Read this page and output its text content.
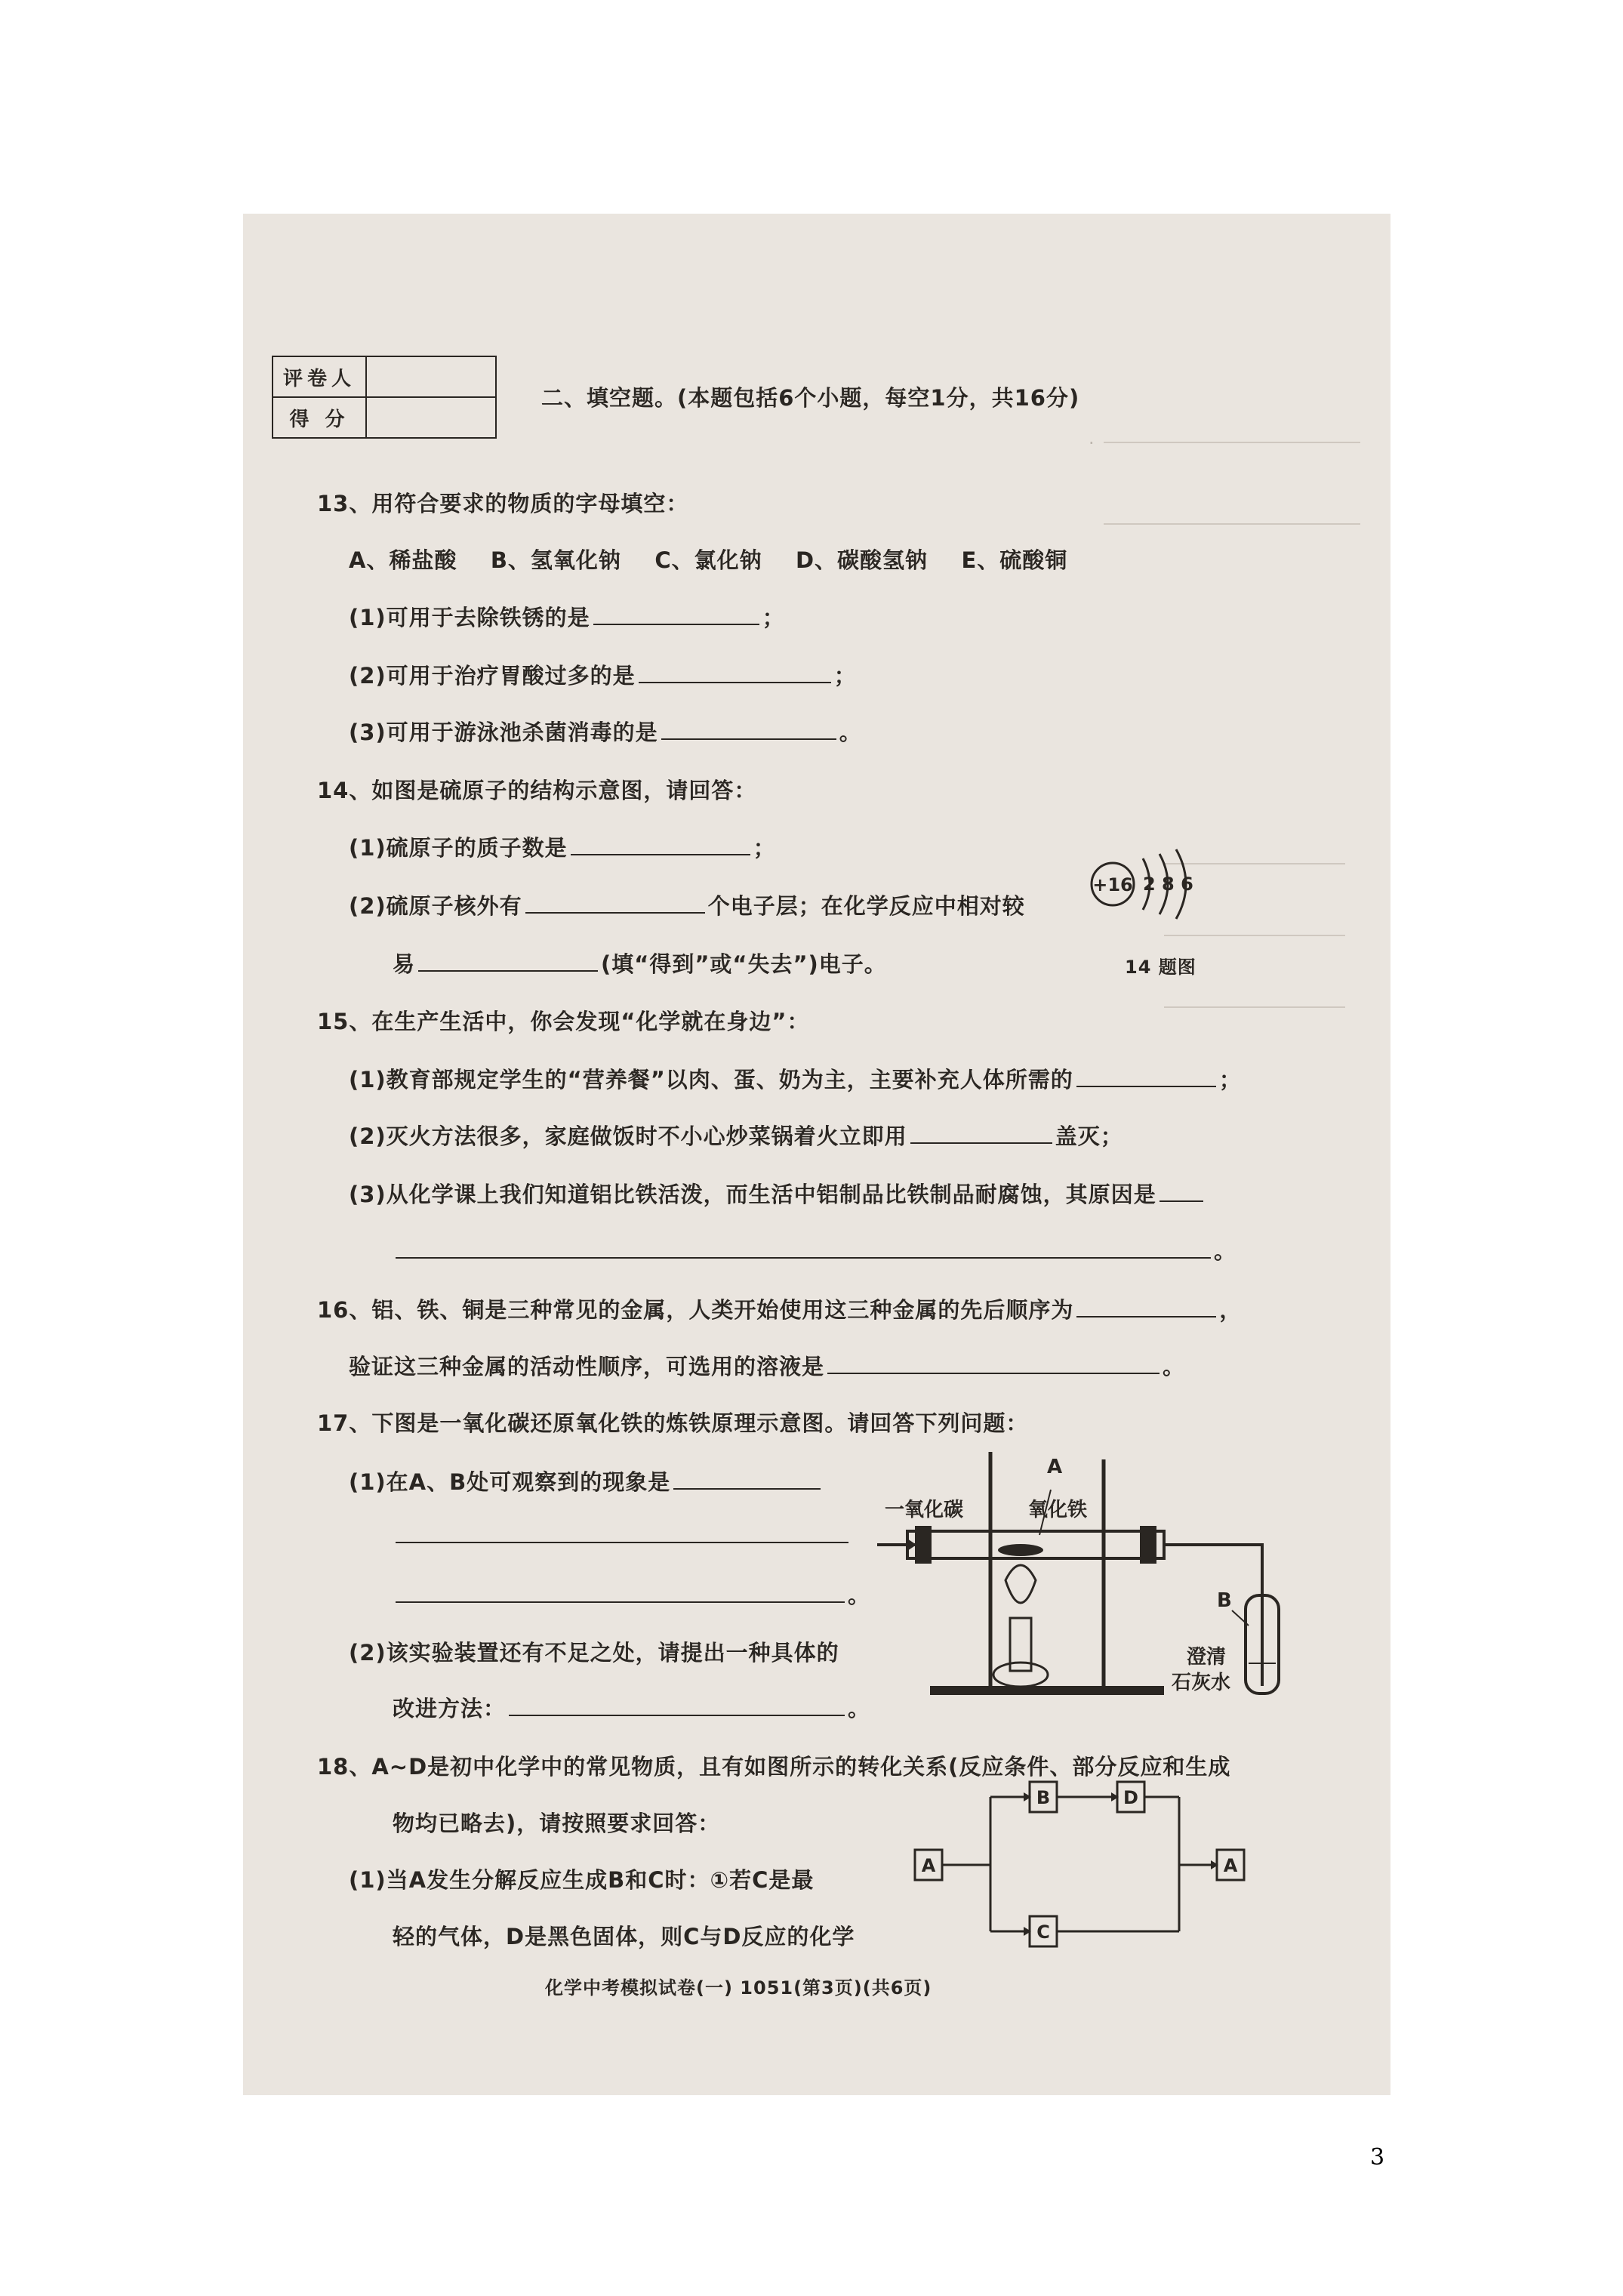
·
评卷人	
得 分	
二、填空题。(本题包括6个小题，每空1分，共16分)
13、用符合要求的物质的字母填空：
A、稀盐酸    B、氢氧化钠    C、氯化钠    D、碳酸氢钠    E、硫酸铜
(1)可用于去除铁锈的是	；
(2)可用于治疗胃酸过多的是	；
(3)可用于游泳池杀菌消毒的是	。
14、如图是硫原子的结构示意图，请回答：
(1)硫原子的质子数是	；
(2)硫原子核外有	个电子层；在化学反应中相对较
易	(填“得到”或“失去”)电子。
+16 2 8 6
14 题图
15、在生产生活中，你会发现“化学就在身边”：
(1)教育部规定学生的“营养餐”以肉、蛋、奶为主，主要补充人体所需的	；
(2)灭火方法很多，家庭做饭时不小心炒菜锅着火立即用	盖灭；
(3)从化学课上我们知道铝比铁活泼，而生活中铝制品比铁制品耐腐蚀，其原因是
。
16、铝、铁、铜是三种常见的金属，人类开始使用这三种金属的先后顺序为	，
验证这三种金属的活动性顺序，可选用的溶液是	。
17、下图是一氧化碳还原氧化铁的炼铁原理示意图。请回答下列问题：
(1)在A、B处可观察到的现象是
。
(2)该实验装置还有不足之处，请提出一种具体的
改进方法：	。
一氧化碳	氧化铁
A
B
澄清
石灰水
18、A~D是初中化学中的常见物质，且有如图所示的转化关系(反应条件、部分反应和生成
物均已略去)，请按照要求回答：
(1)当A发生分解反应生成B和C时：①若C是最
轻的气体，D是黑色固体，则C与D反应的化学
A
B	D
C
A
化学中考模拟试卷(一) 1051(第3页)(共6页)
3
